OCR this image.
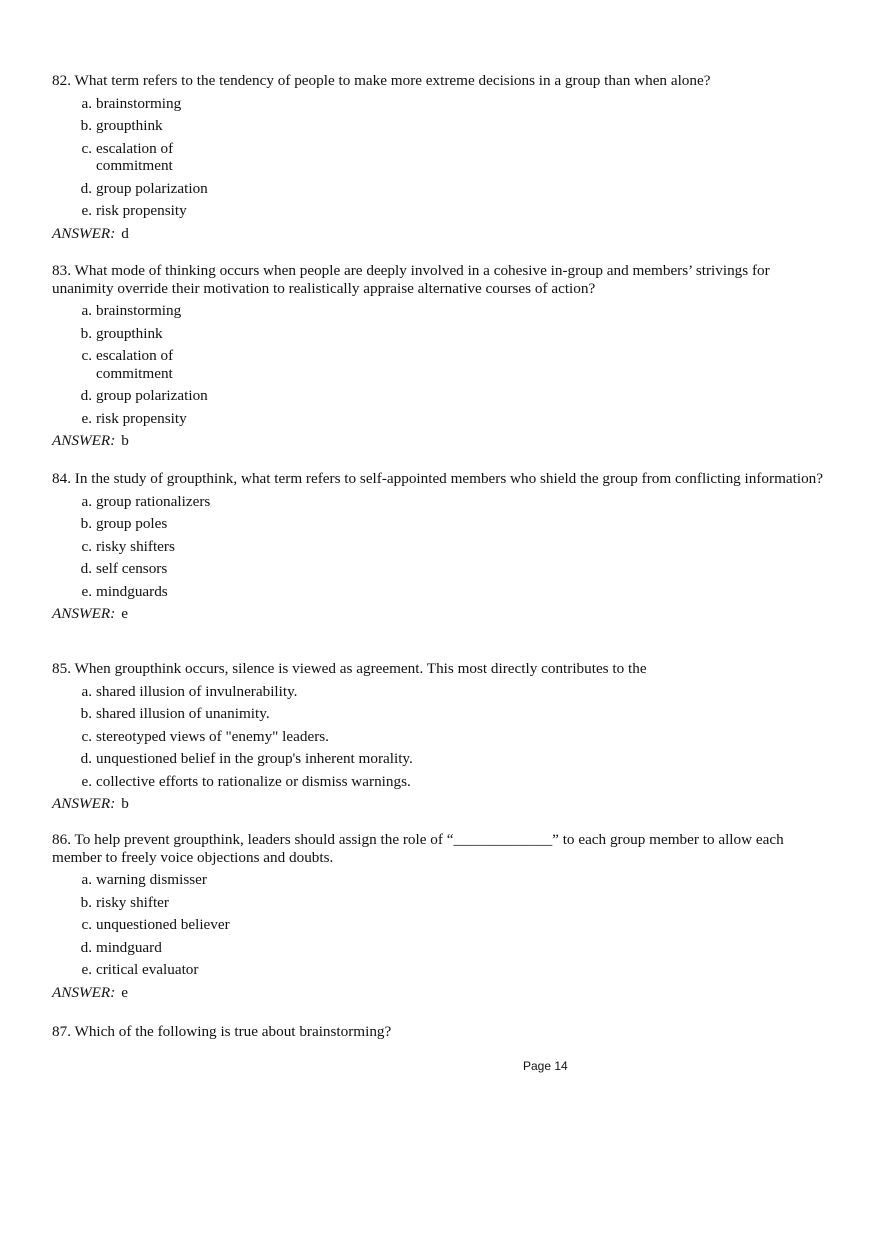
82. What term refers to the tendency of people to make more extreme decisions in a group than when alone?

a. brainstorming
b. groupthink
c. escalation of commitment
d. group polarization
e. risk propensity
ANSWER: d

83. What mode of thinking occurs when people are deeply involved in a cohesive in-group and members’ strivings for unanimity override their motivation to realistically appraise alternative courses of action?

a. brainstorming
b. groupthink
c. escalation of commitment
d. group polarization
e. risk propensity
ANSWER: b

84. In the study of groupthink, what term refers to self-appointed members who shield the group from conflicting information?

a. group rationalizers
b. group poles
c. risky shifters
d. self censors
e. mindguards
ANSWER: e

85. When groupthink occurs, silence is viewed as agreement. This most directly contributes to the

a. shared illusion of invulnerability.
b. shared illusion of unanimity.
c. stereotyped views of "enemy" leaders.
d. unquestioned belief in the group's inherent morality.
e. collective efforts to rationalize or dismiss warnings.
ANSWER: b

86. To help prevent groupthink, leaders should assign the role of “_____________” to each group member to allow each member to freely voice objections and doubts.

a. warning dismisser
b. risky shifter
c. unquestioned believer
d. mindguard
e. critical evaluator
ANSWER: e

87. Which of the following is true about brainstorming?

Page 14
